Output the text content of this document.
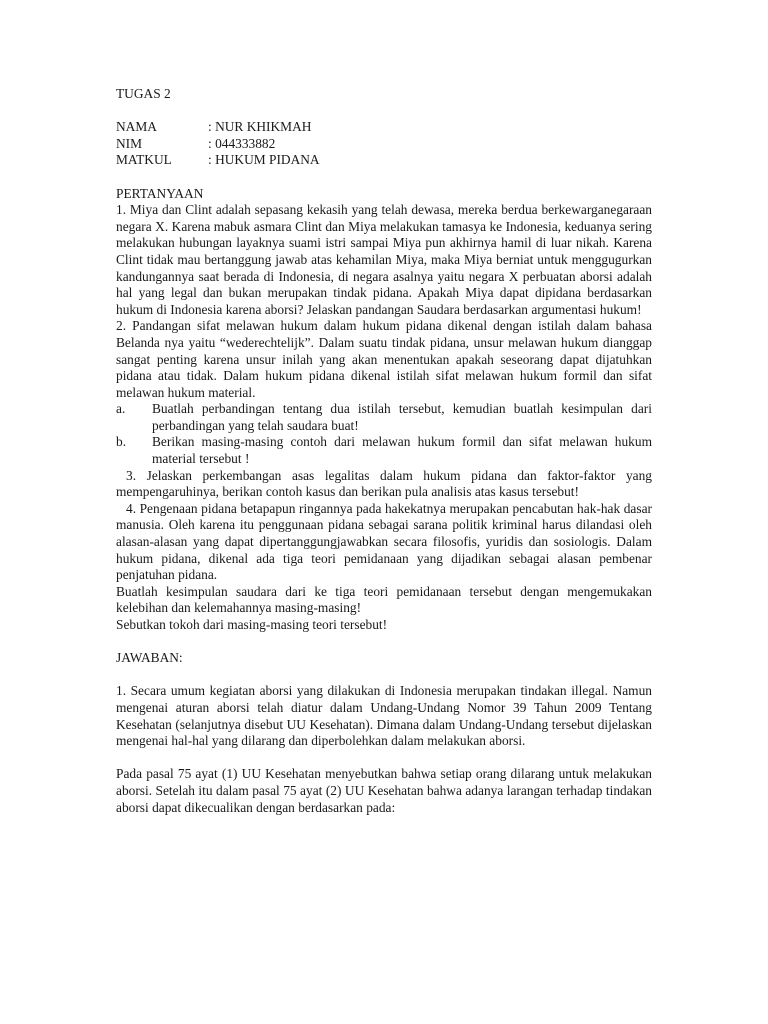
TUGAS 2
NAMA	: NUR KHIKMAH
NIM	: 044333882
MATKUL	: HUKUM PIDANA
PERTANYAAN

1. Miya dan Clint adalah sepasang kekasih yang telah dewasa, mereka berdua berkewarganegaraan negara X. Karena mabuk asmara Clint dan Miya melakukan tamasya ke Indonesia, keduanya sering melakukan hubungan layaknya suami istri sampai Miya pun akhirnya hamil di luar nikah. Karena Clint tidak mau bertanggung jawab atas kehamilan Miya, maka Miya berniat untuk menggugurkan kandungannya saat berada di Indonesia, di negara asalnya yaitu negara X perbuatan aborsi adalah hal yang legal dan bukan merupakan tindak pidana. Apakah Miya dapat dipidana berdasarkan hukum di Indonesia karena aborsi? Jelaskan pandangan Saudara berdasarkan argumentasi hukum!

2. Pandangan sifat melawan hukum dalam hukum pidana dikenal dengan istilah dalam bahasa Belanda nya yaitu “wederechtelijk”. Dalam suatu tindak pidana, unsur melawan hukum dianggap sangat penting karena unsur inilah yang akan menentukan apakah seseorang dapat dijatuhkan pidana atau tidak. Dalam hukum pidana dikenal istilah sifat melawan hukum formil dan sifat melawan hukum material.

a.	Buatlah perbandingan tentang dua istilah tersebut, kemudian buatlah kesimpulan dari perbandingan yang telah saudara buat!

b.	Berikan masing-masing contoh dari melawan hukum formil dan sifat melawan hukum material tersebut !

3. Jelaskan perkembangan asas legalitas dalam hukum pidana dan faktor-faktor yang mempengaruhinya, berikan contoh kasus dan berikan pula analisis atas kasus tersebut!

4. Pengenaan pidana betapapun ringannya pada hakekatnya merupakan pencabutan hak-hak dasar manusia. Oleh karena itu penggunaan pidana sebagai sarana politik kriminal harus dilandasi oleh alasan-alasan yang dapat dipertanggungjawabkan secara filosofis, yuridis dan sosiologis. Dalam hukum pidana, dikenal ada tiga teori pemidanaan yang dijadikan sebagai alasan pembenar penjatuhan pidana.

Buatlah kesimpulan saudara dari ke tiga teori pemidanaan tersebut dengan mengemukakan kelebihan dan kelemahannya masing-masing!

Sebutkan tokoh dari masing-masing teori tersebut!

JAWABAN:

1. Secara umum kegiatan aborsi yang dilakukan di Indonesia merupakan tindakan illegal. Namun mengenai aturan aborsi telah diatur dalam Undang-Undang Nomor 39 Tahun 2009 Tentang Kesehatan (selanjutnya disebut UU Kesehatan). Dimana dalam Undang-Undang tersebut dijelaskan mengenai hal-hal yang dilarang dan diperbolehkan dalam melakukan aborsi.

Pada pasal 75 ayat (1) UU Kesehatan menyebutkan bahwa setiap orang dilarang untuk melakukan aborsi. Setelah itu dalam pasal 75 ayat (2) UU Kesehatan bahwa adanya larangan terhadap tindakan aborsi dapat dikecualikan dengan berdasarkan pada:
